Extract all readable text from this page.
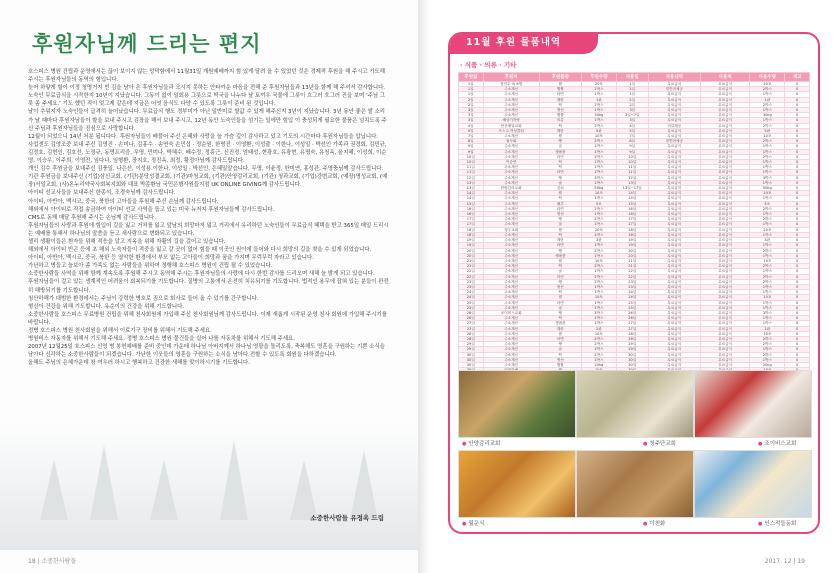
후원자님께 드리는 편지

호스피스 병원 건립과 운영에서는 끊이 보이지 않는 망막함에서 11월31일 개원예배까지 힘 있게 달려 올 수 있었던 것은 경제적 후원을 해 주시고 기도해 주시는 후원자님들의 동역의 힘입니다.

늦어 하얗게 할이 이정 청명거지 빈 김을 남아 온 후원자님들과 오시지 못하는 안타까운 마음을 전해 준 후원자님들과 13년을 함께 해 주셔서 감사합니다.

노숙인 무료급식을 시작한지 10년이 지났습니다. 그동이 없이 일회용 그릇으로 떡국을 나누다 날 토끼우 국물에 그릇이 흐그러 흐그러 진을 보며 ‘주님 그릇 좀 주세요.’ 기도 했던 적이 엊그제 같은데 지금은 어엿 음식도 다양 수 있도록 그릇이 준비 된 것입니다.

날이 추워지자 노숙인들이 급격히 늘어났습니다. 무료급식 행도 정부미가 아닌 일반미로 쌀값 수 있게 해주신지 3년이 지났습니다. 3년 동안 좋은 쌀 소리가 날 때마다 후원자님들이 할을 보내 주시고 김장을 해서 보내 주시고, 12년 동안 노숙인들을 섬기는 일에만 힘입 이 충성되게 필요한 물품은 넘치도록 주신 주님과 후원자님들을 진심으로 사랑합니다.

12월이 되었으니 14년 처분 됩니다다. 후원자님들이 배풀어 주신 은혜와 사랑을 늘 가슴 깊이 감사하고 있고 기도의 시간마다 후원자님들을 압닙니다.

사업센도 김영조중 보내 주신 김영진 · 손미나, 김홍수 · 송연숙 손민섭 · 정순원, 한명진 · 이영환, 이성출 · 이한나, 이성일 · 박선인 가족과 권경회, 김민규, 김정호, 김현인, 김호선, 노정규, 동명프리즘, 무명, 민미나, 박혜수, 배수정, 정흥근, 신진정, 엄태성, 현광호, 유광현, 유명숙, 유청옥, 윤지혜, 이성희, 이순영, 이승우, 이주희, 이영진, 임다나, 임형환, 장지호, 정진옥, 최정, 황정아님께 감사드립니다.

개인 김수 후원금을 보내주신 김풍일, 나은선, 이성용.이한나, 이성일 · 박선인, 은혜밀알습니다, 무명, 이윤정, 한미연, 홍성관, 주영충님께 감사드립니다.

기관 후원금을 보내주신 (기업)삼신교회, (기관)분당성결교회, (기관)마청교회, (기관)안양감리교회, (기관) 청과교회, (기업)강변교회, (예장)명성교회, (예장)서일교회, (사)온누리약국사회복지회와 대표 박종환님 국민은행사원들지점 UK ONLINE GIVING께 감사드립니다.

아이티 선교사들을 보내주신 한종석, 조경숙님께 감사드립니다.

아이티, 아반아, 멕시코, 중국, 북한의 고아들을 후원해 주신 손님께 감사드립니다.

해외에서 아이티로 직접 송금하여 아이티 선교 사역을 돕고 있는 미국 뉴저지 후원자님들께 감사드립니다.

CMS로 동해 매달 후원해 주시는 손님께 감사드립니다.

후원자님들의 사랑과 후원에 힘입어 길을 잃고 거처를 잃고 앞날의 희망마저 잃고 거리에서 유리하던 노숙인들이 무료급식 혜택을 받고 365일 매일 드리시는 예배를 통해서 하나님의 말씀을 듣고 새사람으로 변화되고 있습니다.

셀리 생활이들은 흰자들 위해 적응을 알고 지옥을 위해 자활의 길을 걸어고 있습니다.

해외에서 아이티 빈곤 등에 초 해외 노숙자들이 적중을 잃고 갈 곳이 없어 힘들 때 이곳인 원이에 들어와 다시 희망의 길을 찾을 수 있게 되었습니다.

아이티, 아반아, 멕시코, 중국, 북한 등 열악한 환경에서 부모 없는 고아들이 희망과 꿈을 가지며 무럭무럭 자라고 있습니다.

가난하고 병들고 늘보아 좀 가족도 없는 사람들을 위하여 정행해 호스피스 병원이 건립 될 수 있었습니다.

소중한사람들 사역을 위해 함께 계속도록 후원해 주시고 동역해 주시는 후원자님들의 사랑에 다시 한번 감사를 드리오며 새해 늘 밝게 되고 있습니다.

후원자님들이 걸고 있는 생계적인 어려움이 회복되기를 기도합니다. 질병의 고통에서 온전히 치유되기를 기도합니다. 법적인 용무에 잡혀 있는 분들이 완전히 해방되기를 기도합니다.

청산하해가 대범한 환경에서는 주님이 강력한 병호로 짐으로 회사로 들어 올 수 있기를 간구합니다.

형신이 건강을 위해 기도합니다. 유순이의 건강을 위해 기도합니다.

소중한사람들 호스피스 무료병원 건립을 위해 천사회원에 가입해 주신 천사회원님께 감사드립니다. 이제 새롭게 시작된 운영 천사 회원에 가입해 주시기를 바랍니다.

정병 호스피스 병원 천사회원을 위해서 이료기구 장비를 위해서 기도해 주세요.

병원비스 자동자를 위해서 기도해 주세요. 정병 호스피스 병원 물건들을 실어 나를 자동차를 위해서 기도해 주세요.

2007년 12월25일 호스피스 신영 병 봉헌예배를 준비 중인데 가운데 하나님 아버지께서 하나님 영광을 돌리도록, 축복해도 영혼을 구원하는 기쁜 소식을 남아다 신각하는 소중한사람들이 되겠습니다. 가난한 이웃들의 영혼을 구원하는 소식을 남아다 전할 수 있도록 회원을 다하겠습니다.

올해도 주님의 은혜가운데 참 여우러 하시고 행복하고 건강한 새해를 맞이하시기를 기도합니다.

소중한사람들 유정옥 드림
18 | 소중한사람들
11월 후원 물품내역
· 식품 · 의류 · 기타
후원일	후원처	후원품종	후원수량	사용일	사용내역	사용처	사용수량	재고
1일	풍진수 외 6명	쌀	20포	1일	무료급식	무료급식	20포	0
1일	주소계신	햅쌀	2박스	2일	밑반찬제공	무료급식	2박스	0
1일	주소계신	라면	1박스	1일	무료급식	무료급식	1박스	0
2일	주소계신	계란	1판	2일	무료급식	무료급식	1판	0
2일	주소계신	떡	2박스	2일	무료급식	무료급식	2박스	0
3일	주소계신	생선	1박스	3일	무료급식	무료급식	1박스	0
3일	주소계신	햅쌀	30kg	3일~7일	무료급식	무료급식	30kg	0
3일	배상기자랑	의류	1박스	3일	무료급식	무료급식	1박스	0
4일	안산제일교회	떡	2박스	4일	의류제공	무료급식	2박스	0
5일	가스고 여성클럽	계란	5판	5일	무료급식	무료급식	5판	0
7일	주소계신	쌀	10포	7일	무료급식	무료급식	10포	0
8일	권사회	빵	2박스	8일	밑반찬제공	무료급식	2박스	0
9일	주소계신	귤	1박스	9일	무료급식	무료급식	1박스	0
9일	주소계신	생필품	1박스	9일	무료급식	무료급식	1박스	0
10일	주소계신	라면	2박스	10일	무료급식	무료급식	2박스	0
10일	이승연	떡	1박스	10일	무료급식	무료급식	1박스	0
11일	주소계신	떡	1박스	11일	무료급식	무료급식	1박스	0
11일	주소계신	라면	1박스	11일	무료급식	무료급식	1박스	0
12일	주소계신	빵	3박스	12일	무료급식	무료급식	3박스	0
13일	주소계신	귤	1박스	13일	무료급식	무료급식	1박스	0
13일	안양감리교회	김치	50kg	13일~17일	무료급식	무료급식	50kg	0
14일	주소계신	쌀	10포	14일	무료급식	무료급식	10포	0
14일	주소계신	떡	1박스	14일	무료급식	무료급식	1박스	0
15일	주소계신	배추	5포	15일	무료급식	무료급식	5포	0
16일	주소계신	라면	2박스	16일	무료급식	무료급식	2박스	0
16일	주소계신	생선	1박스	16일	무료급식	무료급식	1박스	0
17일	주소계신	빵	2박스	17일	무료급식	무료급식	2박스	0
17일	주소계신	귤	1박스	17일	무료급식	무료급식	1박스	0
18일	청주교회	쌀	20포	18일	무료급식	무료급식	20포	0
18일	주소계신	떡	1박스	18일	무료급식	무료급식	1박스	0
19일	주소계신	계란	3판	19일	무료급식	무료급식	3판	0
19일	주소계신	라면	1박스	19일	무료급식	무료급식	1박스	0
20일	주소계신	빵	2박스	20일	무료급식	무료급식	2박스	0
20일	주소계신	생필품	1박스	20일	무료급식	무료급식	1박스	0
21일	주소계신	쌀	10포	21일	무료급식	무료급식	10포	0
21일	주소계신	떡	2박스	21일	무료급식	무료급식	2박스	0
22일	주소계신	귤	1박스	22일	무료급식	무료급식	1박스	0
22일	주소계신	라면	2박스	22일	무료급식	무료급식	2박스	0
23일	주소계신	빵	2박스	23일	무료급식	무료급식	2박스	0
23일	주소계신	생선	1박스	23일	무료급식	무료급식	1박스	0
24일	주소계신	떡	1박스	24일	무료급식	무료급식	1박스	0
24일	주소계신	쌀	10포	24일	무료급식	무료급식	10포	0
25일	주소계신	라면	1박스	25일	무료급식	무료급식	1박스	0
25일	주소계신	귤	1박스	25일	무료급식	무료급식	1박스	0
26일	조이비스교회	빵	3박스	26일	무료급식	무료급식	3박스	0
26일	주소계신	떡	1박스	26일	무료급식	무료급식	1박스	0
27일	주소계신	생필품	1박스	27일	무료급식	무료급식	1박스	0
27일	주소계신	계란	2판	27일	무료급식	무료급식	2판	0
28일	주소계신	쌀	10포	28일	무료급식	무료급식	10포	0
28일	주소계신	라면	2박스	28일	무료급식	무료급식	2박스	0
29일	주소계신	빵	2박스	29일	무료급식	무료급식	2박스	0
29일	주소계신	귤	1박스	29일	무료급식	무료급식	1박스	0
30일	주소계신	떡	2박스	30일	무료급식	무료급식	2박스	0
30일	주소계신	생선	1박스	30일	무료급식	무료급식	1박스	0
30일	주소계신	햅쌀	20kg	30일	무료급식	무료급식	20kg	0

● 안양감리교회	● 청주단교회	● 조이비스교회
● 월운식	● 이천화	● 인스적들동회
2017. 12 | 19
